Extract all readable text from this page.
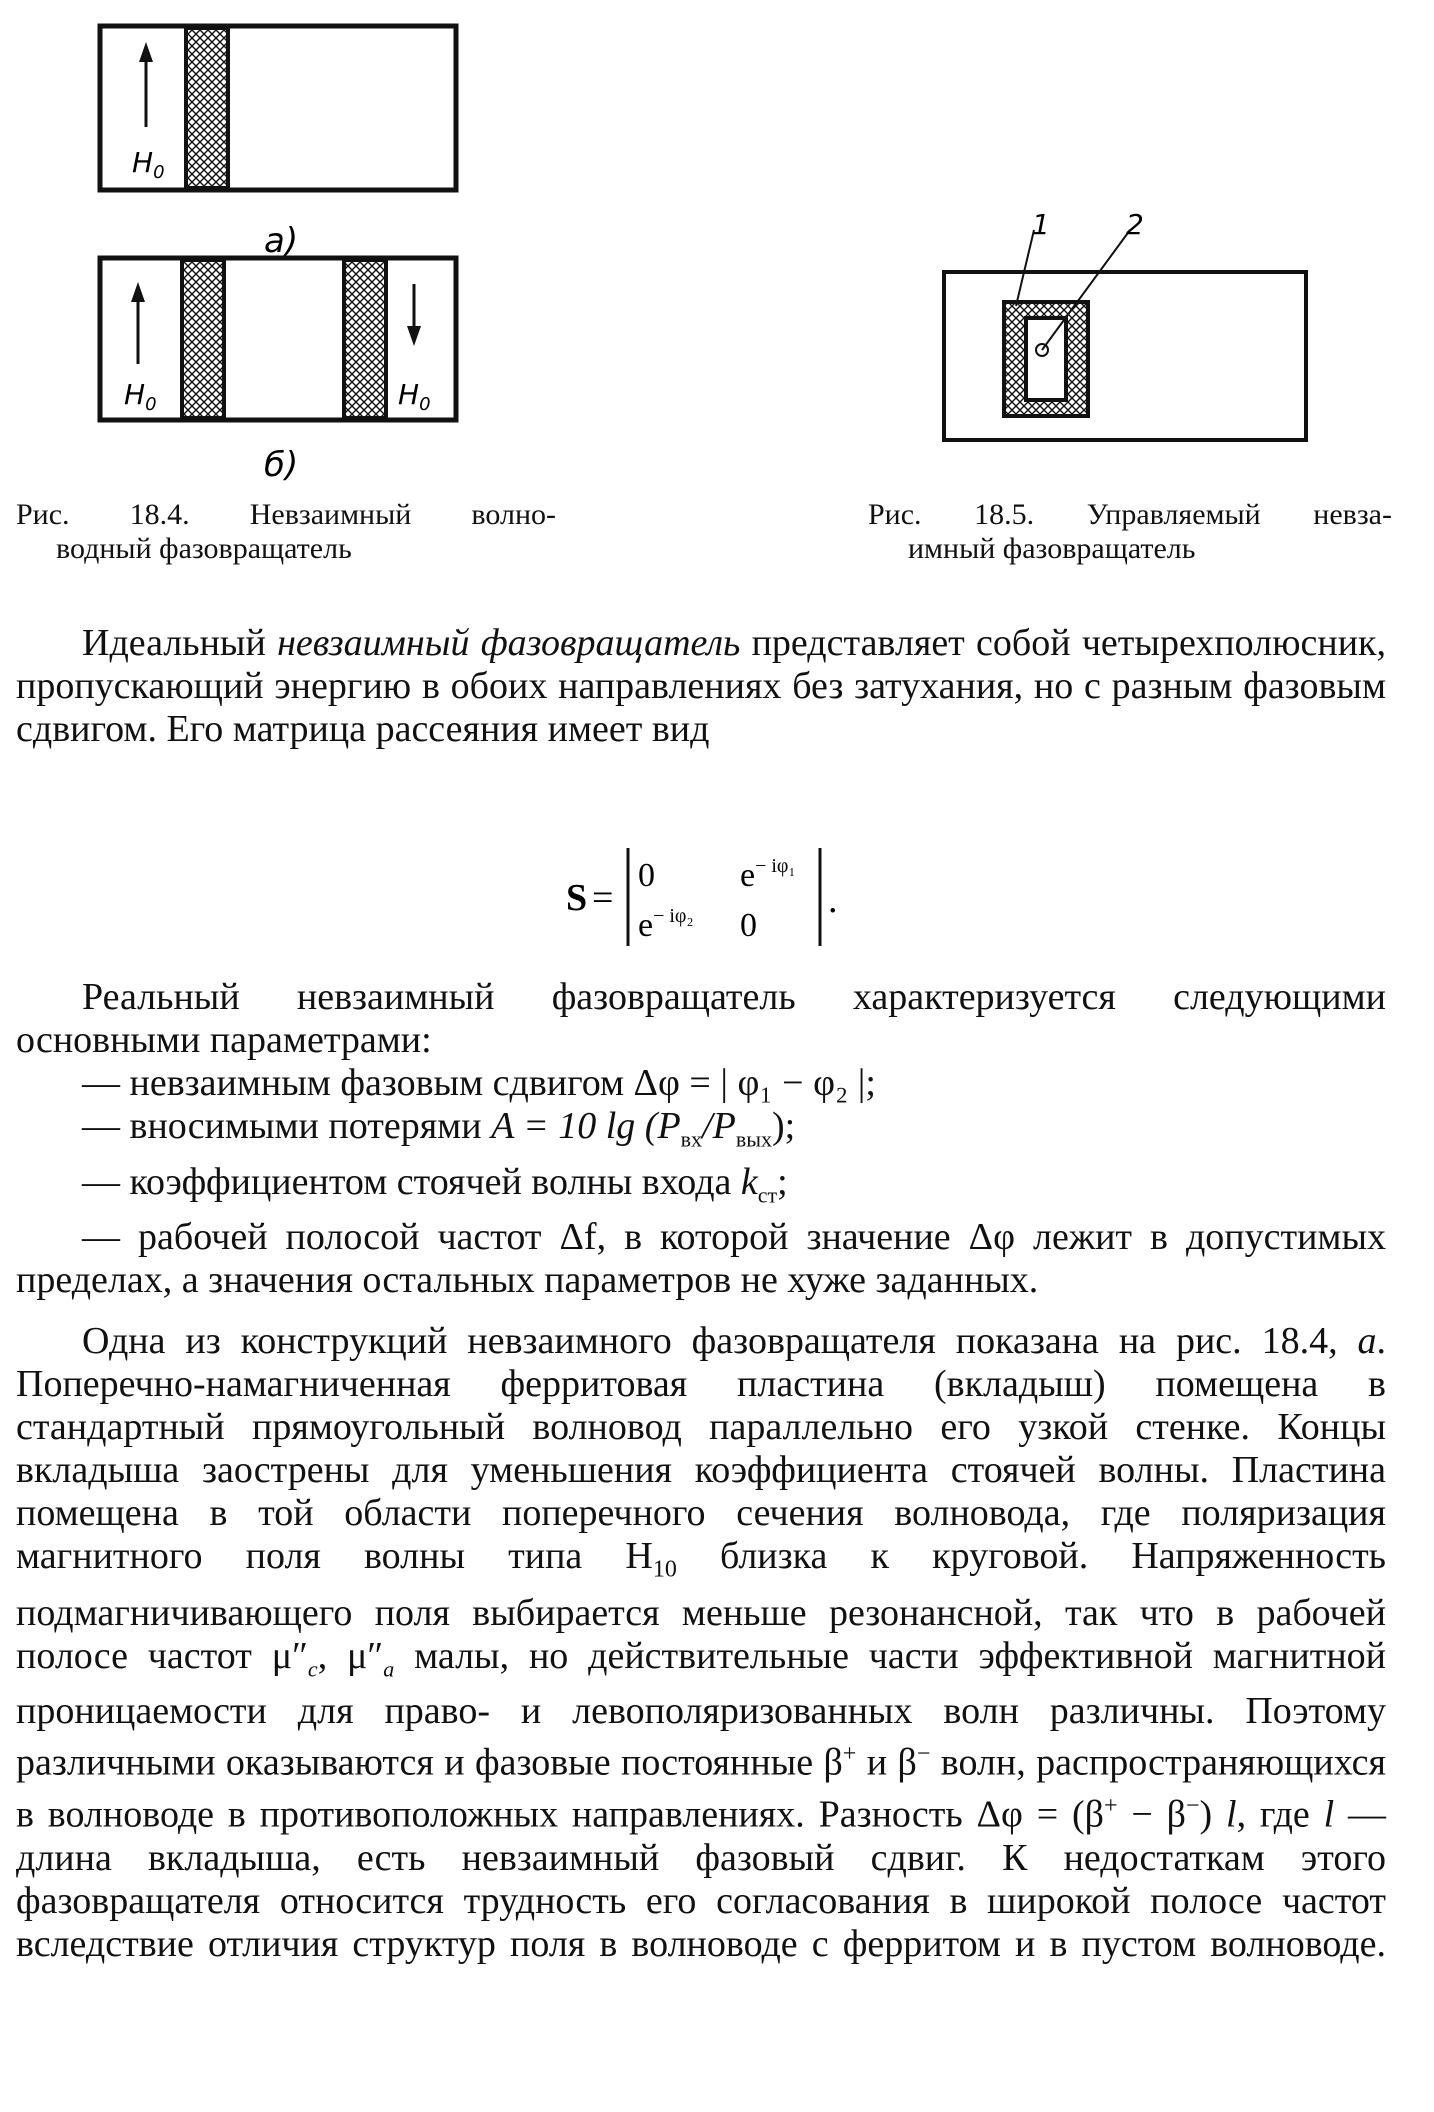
$H_0$
a)
$H_0$	$H_0$
б)
1	2
Рис. 18.4. Невзаимный волно-
водный фазовращатель
Рис. 18.5. Управляемый невза-
имный фазовращатель

Идеальный невзаимный фазовращатель представляет собой четырехполюсник, пропускающий энергию в обоих направлениях без затухания, но с разным фазовым сдвигом. Его матрица рассеяния имеет вид

S =
0	$e^{- i\varphi_1}$
$e^{- i\varphi_2}$ 0
.

Реальный невзаимный фазовращатель характеризуется следующими основными параметрами:

— невзаимным фазовым сдвигом Δφ = | φ₁ − φ₂ |;

— вносимыми потерями A = 10 $\lg (P_{вх}/P_{вых})$;

— коэффициентом стоячей волны входа $k_{ст}$;

— рабочей полосой частот Δf, в которой значение Δφ лежит в допустимых пределах, а значения остальных параметров не хуже заданных.

Одна из конструкций невзаимного фазовращателя показана на рис. 18.4, а. Поперечно-намагниченная ферритовая пластина (вкладыш) помещена в стандартный прямоугольный волновод параллельно его узкой стенке. Концы вкладыша заострены для уменьшения коэффициента стоячей волны. Пластина помещена в той области поперечного сечения волновода, где поляризация магнитного поля волны типа $H_{10}$ близка к круговой. Напряженность подмагничивающего поля выбирается меньше резонансной, так что в рабочей полосе частот $\mu''_c$, $\mu''_a$ малы, но действительные части эффективной магнитной проницаемости для право- и левополяризованных волн различны. Поэтому различными оказываются и фазовые постоянные β+ и β− волн, распространяющихся в волноводе в противоположных направлениях. Разность Δφ = (β+ − β−) l, где l — длина вкладыша, есть невзаимный фазовый сдвиг. К недостаткам этого фазовращателя относится трудность его согласования в широкой полосе частот вследствие отличия структур поля в волноводе с ферритом и в пустом волноводе.
